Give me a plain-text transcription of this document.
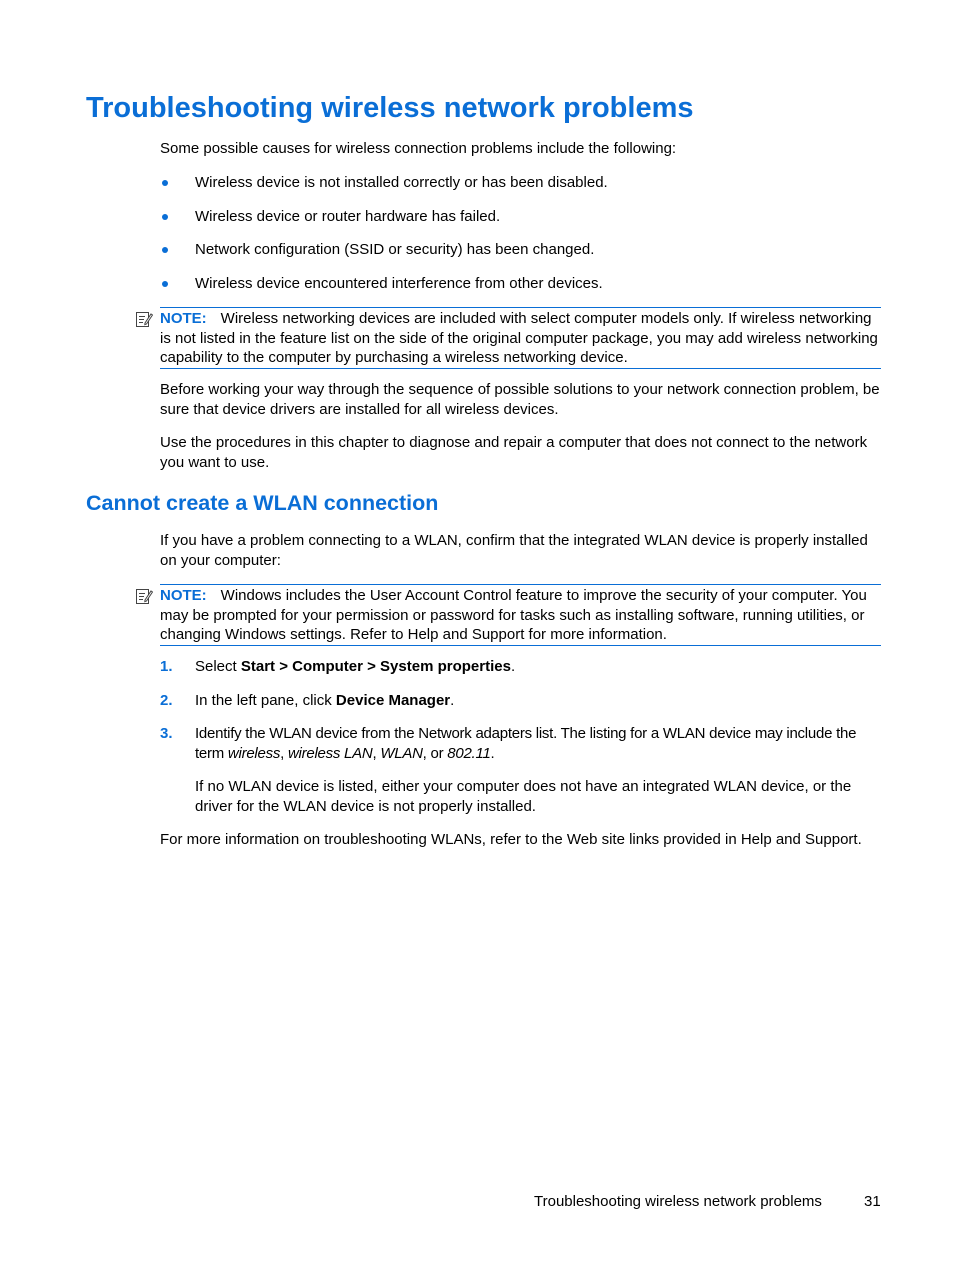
Troubleshooting wireless network problems

Some possible causes for wireless connection problems include the following:

Wireless device is not installed correctly or has been disabled.
Wireless device or router hardware has failed.
Network configuration (SSID or security) has been changed.
Wireless device encountered interference from other devices.
NOTE: Wireless networking devices are included with select computer models only. If wireless networking is not listed in the feature list on the side of the original computer package, you may add wireless networking capability to the computer by purchasing a wireless networking device.

Before working your way through the sequence of possible solutions to your network connection problem, be sure that device drivers are installed for all wireless devices.

Use the procedures in this chapter to diagnose and repair a computer that does not connect to the network you want to use.

Cannot create a WLAN connection

If you have a problem connecting to a WLAN, confirm that the integrated WLAN device is properly installed on your computer:

NOTE: Windows includes the User Account Control feature to improve the security of your computer. You may be prompted for your permission or password for tasks such as installing software, running utilities, or changing Windows settings. Refer to Help and Support for more information.
1. Select Start > Computer > System properties.
2. In the left pane, click Device Manager.
3. Identify the WLAN device from the Network adapters list. The listing for a WLAN device may include the term wireless, wireless LAN, WLAN, or 802.11.

If no WLAN device is listed, either your computer does not have an integrated WLAN device, or the driver for the WLAN device is not properly installed.

For more information on troubleshooting WLANs, refer to the Web site links provided in Help and Support.

Troubleshooting wireless network problems	31
